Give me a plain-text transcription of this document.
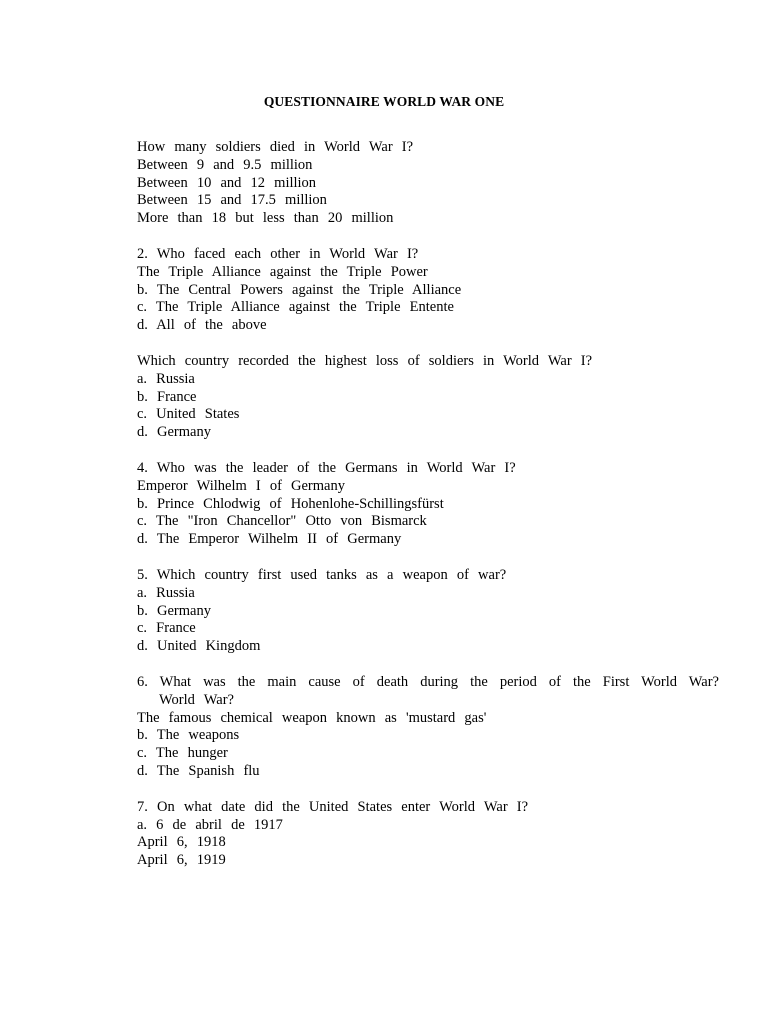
QUESTIONNAIRE WORLD WAR ONE
How many soldiers died in World War I?
Between 9 and 9.5 million
Between 10 and 12 million
Between 15 and 17.5 million
More than 18 but less than 20 million
2. Who faced each other in World War I?
The Triple Alliance against the Triple Power
b. The Central Powers against the Triple Alliance
c. The Triple Alliance against the Triple Entente
d. All of the above
Which country recorded the highest loss of soldiers in World War I?
a. Russia
b. France
c. United States
d. Germany
4. Who was the leader of the Germans in World War I?
Emperor Wilhelm I of Germany
b. Prince Chlodwig of Hohenlohe-Schillingsfürst
c. The "Iron Chancellor" Otto von Bismarck
d. The Emperor Wilhelm II of Germany
5. Which country first used tanks as a weapon of war?
a. Russia
b. Germany
c. France
d. United Kingdom
6. What was the main cause of death during the period of the First World War?
World War?
The famous chemical weapon known as 'mustard gas'
b. The weapons
c. The hunger
d. The Spanish flu
7. On what date did the United States enter World War I?
a. 6 de abril de 1917
April 6, 1918
April 6, 1919
